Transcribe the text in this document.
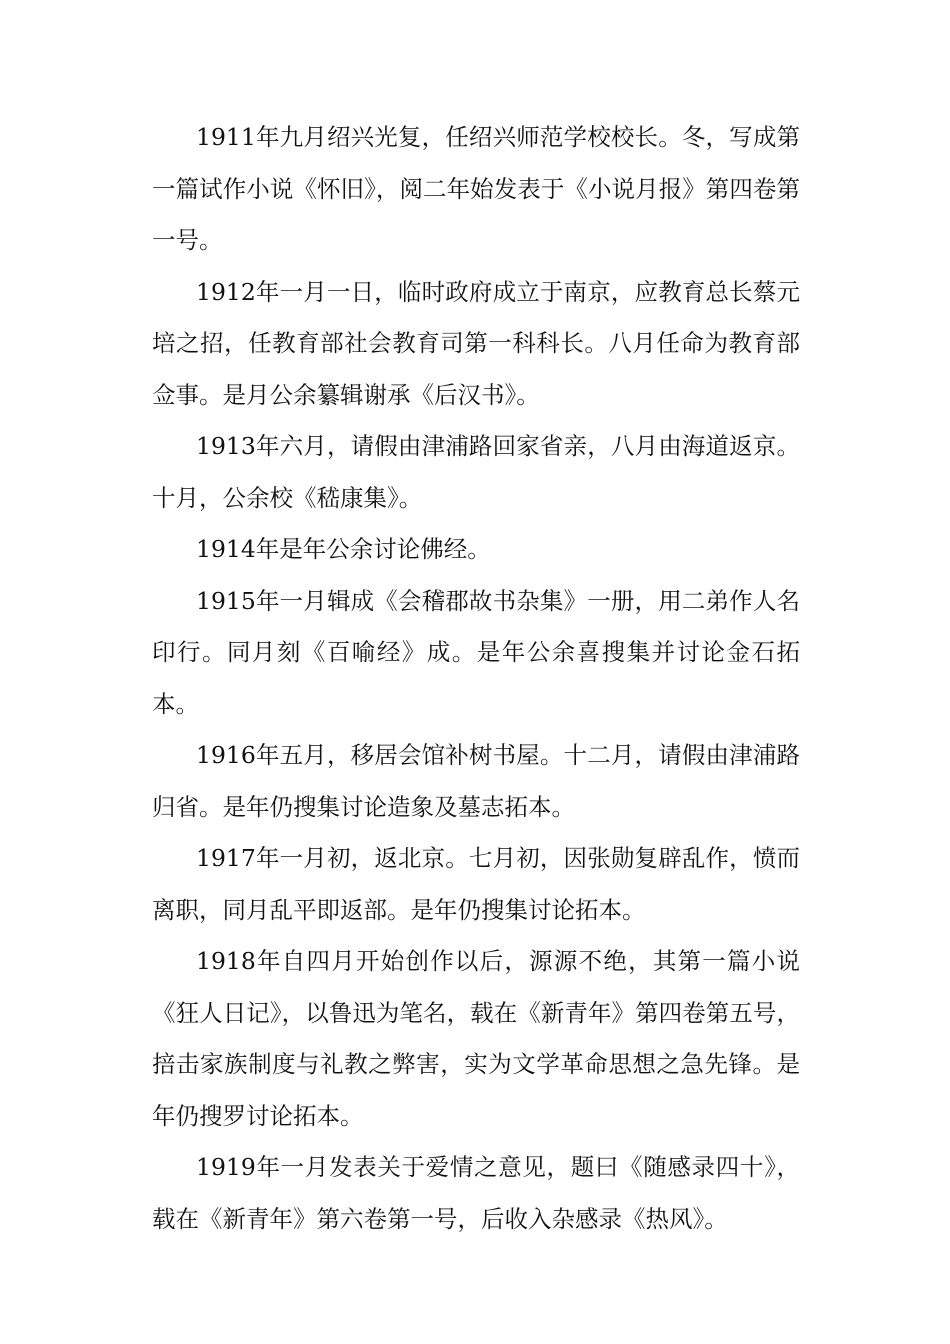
1911年九月绍兴光复，任绍兴师范学校校长。冬，写成第一篇试作小说《怀旧》，阅二年始发表于《小说月报》第四卷第一号。

1912年一月一日，临时政府成立于南京，应教育总长蔡元培之招，任教育部社会教育司第一科科长。八月任命为教育部佥事。是月公余纂辑谢承《后汉书》。

1913年六月，请假由津浦路回家省亲，八月由海道返京。十月，公余校《嵇康集》。

1914年是年公余讨论佛经。

1915年一月辑成《会稽郡故书杂集》一册，用二弟作人名印行。同月刻《百喻经》成。是年公余喜搜集并讨论金石拓本。

1916年五月，移居会馆补树书屋。十二月，请假由津浦路归省。是年仍搜集讨论造象及墓志拓本。

1917年一月初，返北京。七月初，因张勋复辟乱作，愤而离职，同月乱平即返部。是年仍搜集讨论拓本。

1918年自四月开始创作以后，源源不绝，其第一篇小说《狂人日记》，以鲁迅为笔名，载在《新青年》第四卷第五号，掊击家族制度与礼教之弊害，实为文学革命思想之急先锋。是年仍搜罗讨论拓本。

1919年一月发表关于爱情之意见，题曰《随感录四十》，载在《新青年》第六卷第一号，后收入杂感录《热风》。
